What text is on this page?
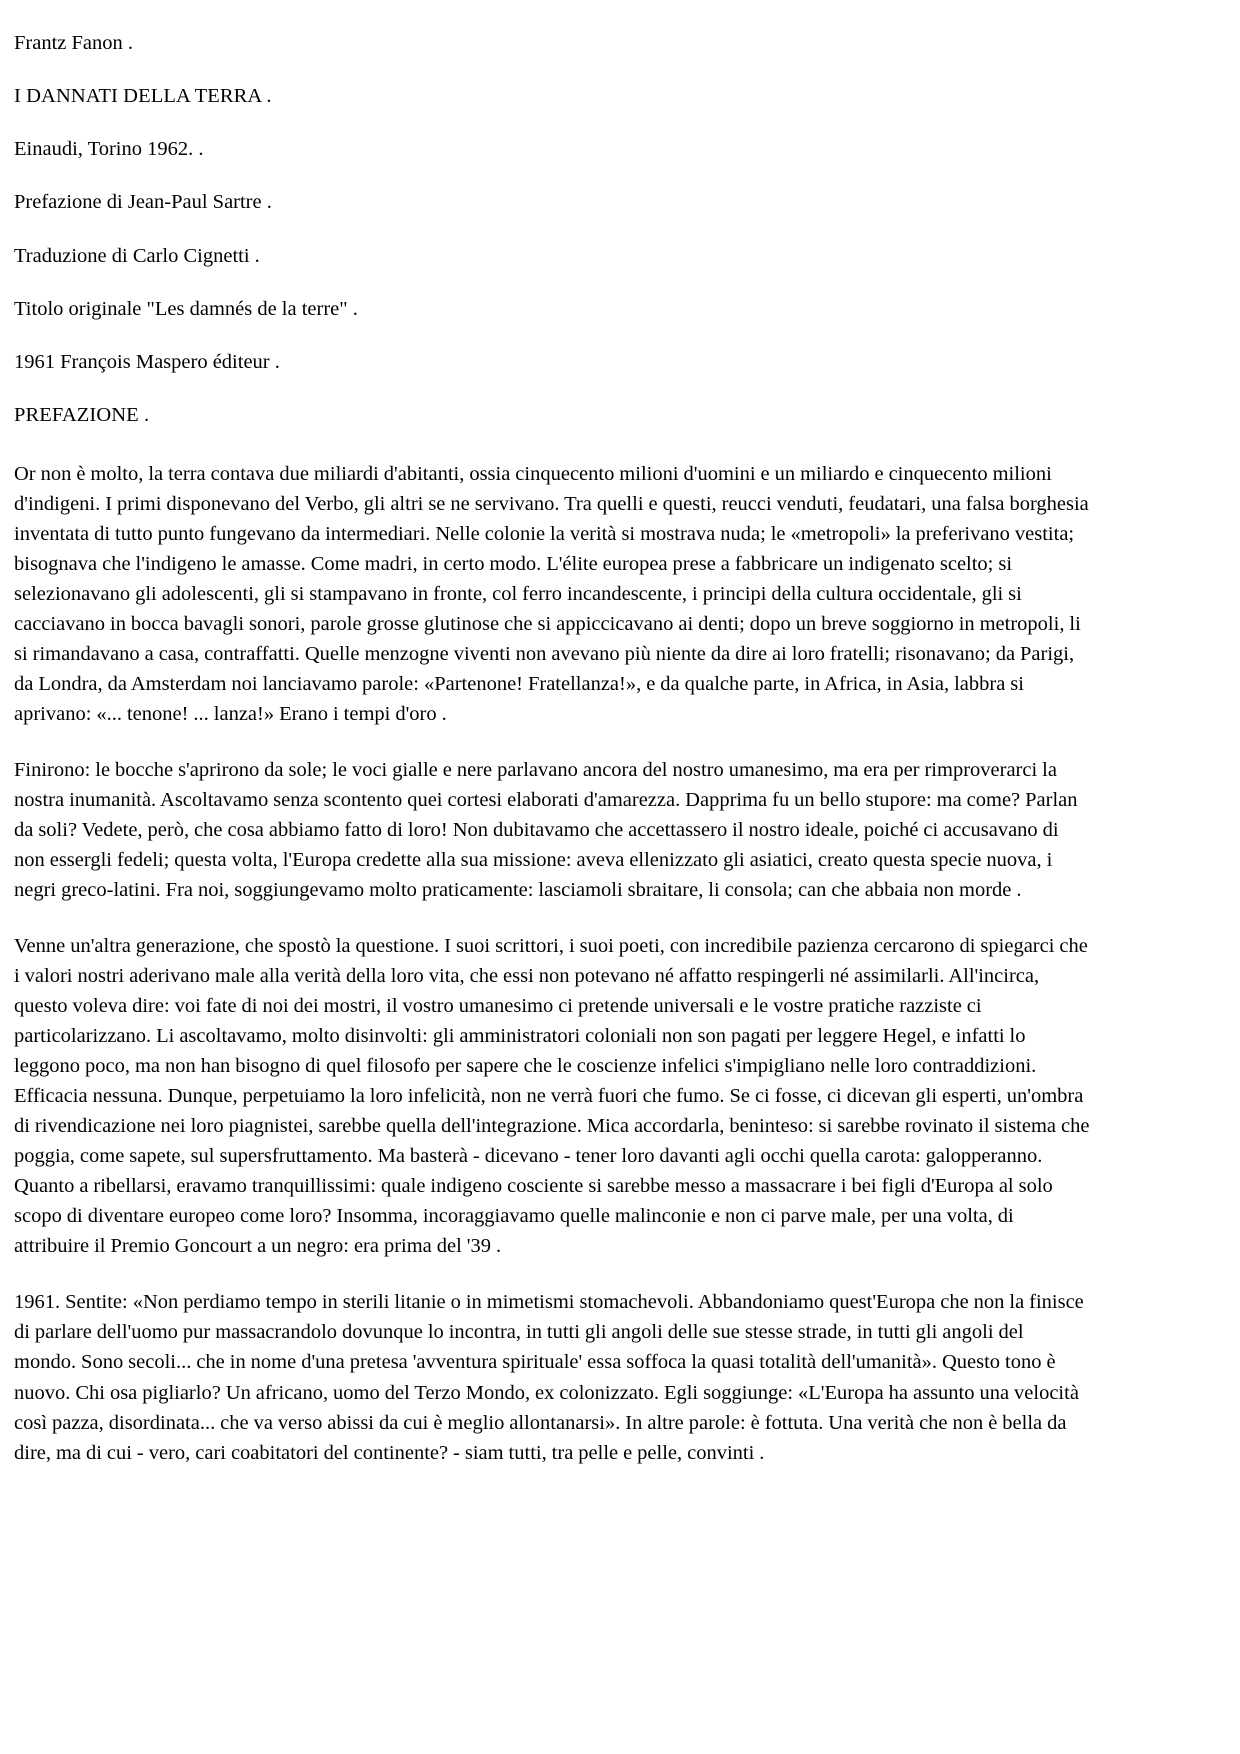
Frantz Fanon .

I DANNATI DELLA TERRA .

Einaudi, Torino 1962. .

Prefazione di Jean-Paul Sartre .

Traduzione di Carlo Cignetti .

Titolo originale "Les damnés de la terre" .

1961 François Maspero éditeur .

PREFAZIONE .

Or non è molto, la terra contava due miliardi d'abitanti, ossia cinquecento milioni d'uomini e un miliardo e cinquecento milioni d'indigeni. I primi disponevano del Verbo, gli altri se ne servivano. Tra quelli e questi, reucci venduti, feudatari, una falsa borghesia inventata di tutto punto fungevano da intermediari. Nelle colonie la verità si mostrava nuda; le «metropoli» la preferivano vestita; bisognava che l'indigeno le amasse. Come madri, in certo modo. L'élite europea prese a fabbricare un indigenato scelto; si selezionavano gli adolescenti, gli si stampavano in fronte, col ferro incandescente, i principi della cultura occidentale, gli si cacciavano in bocca bavagli sonori, parole grosse glutinose che si appiccicavano ai denti; dopo un breve soggiorno in metropoli, li si rimandavano a casa, contraffatti. Quelle menzogne viventi non avevano più niente da dire ai loro fratelli; risonavano; da Parigi, da Londra, da Amsterdam noi lanciavamo parole: «Partenone! Fratellanza!», e da qualche parte, in Africa, in Asia, labbra si aprivano: «... tenone! ... lanza!» Erano i tempi d'oro .

Finirono: le bocche s'aprirono da sole; le voci gialle e nere parlavano ancora del nostro umanesimo, ma era per rimproverarci la nostra inumanità. Ascoltavamo senza scontento quei cortesi elaborati d'amarezza. Dapprima fu un bello stupore: ma come? Parlan da soli? Vedete, però, che cosa abbiamo fatto di loro! Non dubitavamo che accettassero il nostro ideale, poiché ci accusavano di non essergli fedeli; questa volta, l'Europa credette alla sua missione: aveva ellenizzato gli asiatici, creato questa specie nuova, i negri greco-latini. Fra noi, soggiungevamo molto praticamente: lasciamoli sbraitare, li consola; can che abbaia non morde .

Venne un'altra generazione, che spostò la questione. I suoi scrittori, i suoi poeti, con incredibile pazienza cercarono di spiegarci che i valori nostri aderivano male alla verità della loro vita, che essi non potevano né affatto respingerli né assimilarli. All'incirca, questo voleva dire: voi fate di noi dei mostri, il vostro umanesimo ci pretende universali e le vostre pratiche razziste ci particolarizzano. Li ascoltavamo, molto disinvolti: gli amministratori coloniali non son pagati per leggere Hegel, e infatti lo leggono poco, ma non han bisogno di quel filosofo per sapere che le coscienze infelici s'impigliano nelle loro contraddizioni. Efficacia nessuna. Dunque, perpetuiamo la loro infelicità, non ne verrà fuori che fumo. Se ci fosse, ci dicevan gli esperti, un'ombra di rivendicazione nei loro piagnistei, sarebbe quella dell'integrazione. Mica accordarla, beninteso: si sarebbe rovinato il sistema che poggia, come sapete, sul supersfruttamento. Ma basterà - dicevano - tener loro davanti agli occhi quella carota: galopperanno. Quanto a ribellarsi, eravamo tranquillissimi: quale indigeno cosciente si sarebbe messo a massacrare i bei figli d'Europa al solo scopo di diventare europeo come loro? Insomma, incoraggiavamo quelle malinconie e non ci parve male, per una volta, di attribuire il Premio Goncourt a un negro: era prima del '39 .

1961. Sentite: «Non perdiamo tempo in sterili litanie o in mimetismi stomachevoli. Abbandoniamo quest'Europa che non la finisce di parlare dell'uomo pur massacrandolo dovunque lo incontra, in tutti gli angoli delle sue stesse strade, in tutti gli angoli del mondo. Sono secoli... che in nome d'una pretesa 'avventura spirituale' essa soffoca la quasi totalità dell'umanità». Questo tono è nuovo. Chi osa pigliarlo? Un africano, uomo del Terzo Mondo, ex colonizzato. Egli soggiunge: «L'Europa ha assunto una velocità così pazza, disordinata... che va verso abissi da cui è meglio allontanarsi». In altre parole: è fottuta. Una verità che non è bella da dire, ma di cui - vero, cari coabitatori del continente? - siam tutti, tra pelle e pelle, convinti .
